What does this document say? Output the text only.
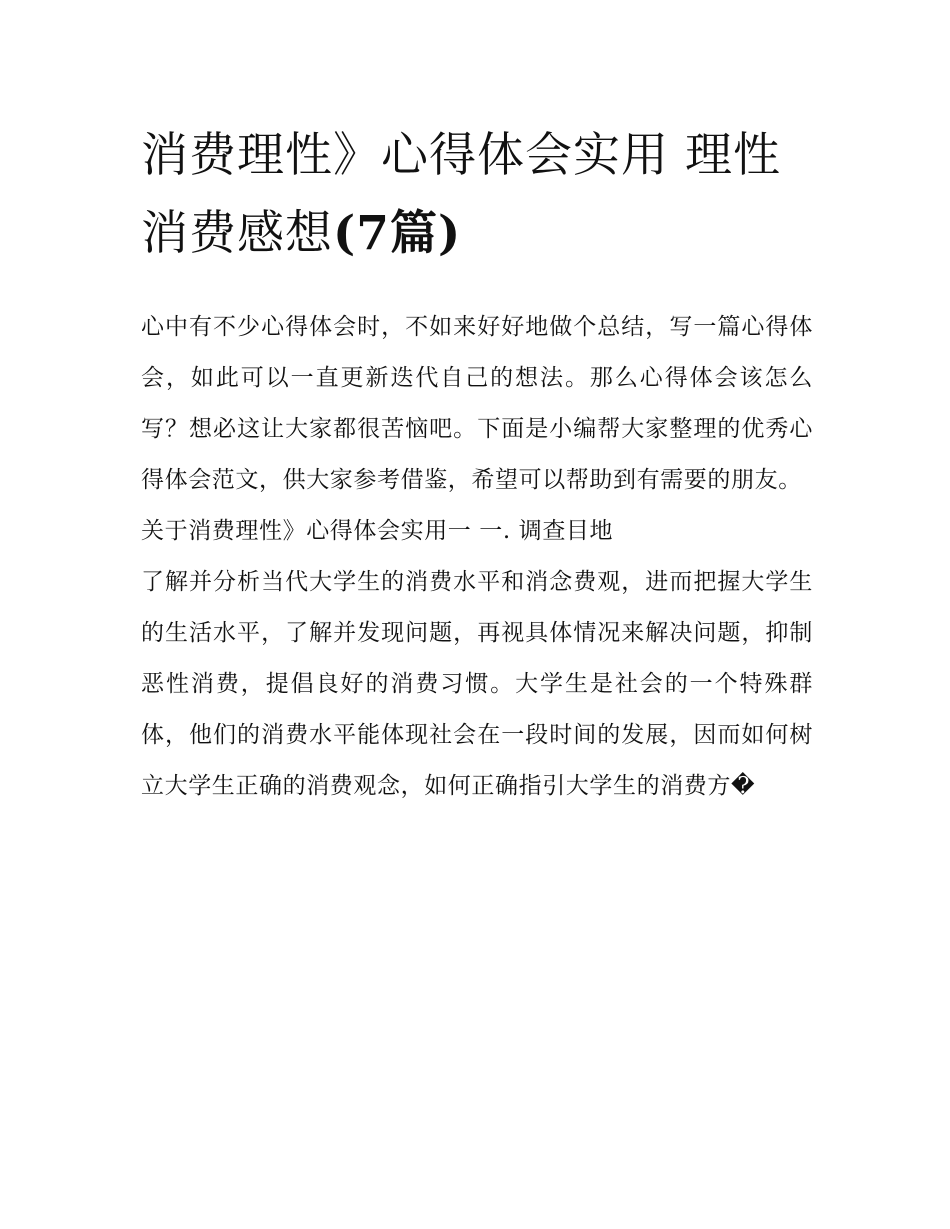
消费理性》心得体会实用 理性消费感想(7篇)

心中有不少心得体会时，不如来好好地做个总结，写一篇心得体会，如此可以一直更新迭代自己的想法。那么心得体会该怎么写？想必这让大家都很苦恼吧。下面是小编帮大家整理的优秀心得体会范文，供大家参考借鉴，希望可以帮助到有需要的朋友。

关于消费理性》心得体会实用一 一. 调查目地

了解并分析当代大学生的消费水平和消念费观，进而把握大学生的生活水平，了解并发现问题，再视具体情况来解决问题，抑制恶性消费，提倡良好的消费习惯。大学生是社会的一个特殊群体，他们的消费水平能体现社会在一段时间的发展，因而如何树立大学生正确的消费观念，如何正确指引大学生的消费方�
